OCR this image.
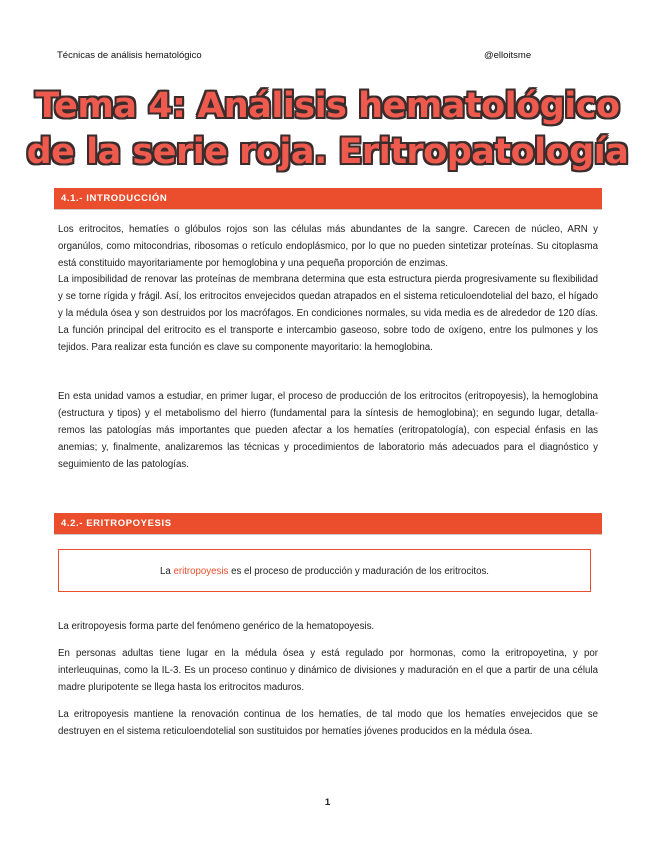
Técnicas de análisis hematológico	@elloitsme
Tema 4: Análisis hematológico
de la serie roja. Eritropatología
4.1.- INTRODUCCIÓN

Los eritrocitos, hematíes o glóbulos rojos son las células más abundantes de la sangre. Carecen de núcleo, ARN y organúlos, como mitocondrias, ribosomas o retículo endoplásmico, por lo que no pueden sintetizar proteínas. Su citoplasma está constituido mayoritariamente por hemoglobina y una pequeña proporción de enzimas.

La imposibilidad de renovar las proteínas de membrana determina que esta estructura pierda progresivamente su flexibilidad y se torne rígida y frágil. Así, los eritrocitos envejecidos quedan atrapados en el sistema reticuloendotelial del bazo, el hígado y la médula ósea y son destruidos por los macrófagos. En condiciones normales, su vida media es de alrededor de 120 días. La función principal del eritrocito es el transporte e intercambio gaseoso, sobre todo de oxígeno, entre los pulmones y los tejidos. Para realizar esta función es clave su componente mayoritario: la hemoglobina.

En esta unidad vamos a estudiar, en primer lugar, el proceso de producción de los eritrocitos (eritropoyesis), la hemoglobina (estructura y tipos) y el metabolismo del hierro (fundamental para la síntesis de hemoglobina); en segundo lugar, detalla- remos las patologías más importantes que pueden afectar a los hematíes (eritropatología), con especial énfasis en las anemias; y, finalmente, analizaremos las técnicas y procedimientos de laboratorio más adecuados para el diagnóstico y seguimiento de las patologías.

4.2.- ERITROPOYESIS
La eritropoyesis es el proceso de producción y maduración de los eritrocitos.

La eritropoyesis forma parte del fenómeno genérico de la hematopoyesis.

En personas adultas tiene lugar en la médula ósea y está regulado por hormonas, como la eritropoyetina, y por interleuquinas, como la IL-3. Es un proceso continuo y dinámico de divisiones y maduración en el que a partir de una célula madre pluripotente se llega hasta los eritrocitos maduros.

La eritropoyesis mantiene la renovación continua de los hematíes, de tal modo que los hematíes envejecidos que se destruyen en el sistema reticuloendotelial son sustituidos por hematíes jóvenes producidos en la médula ósea.

1
